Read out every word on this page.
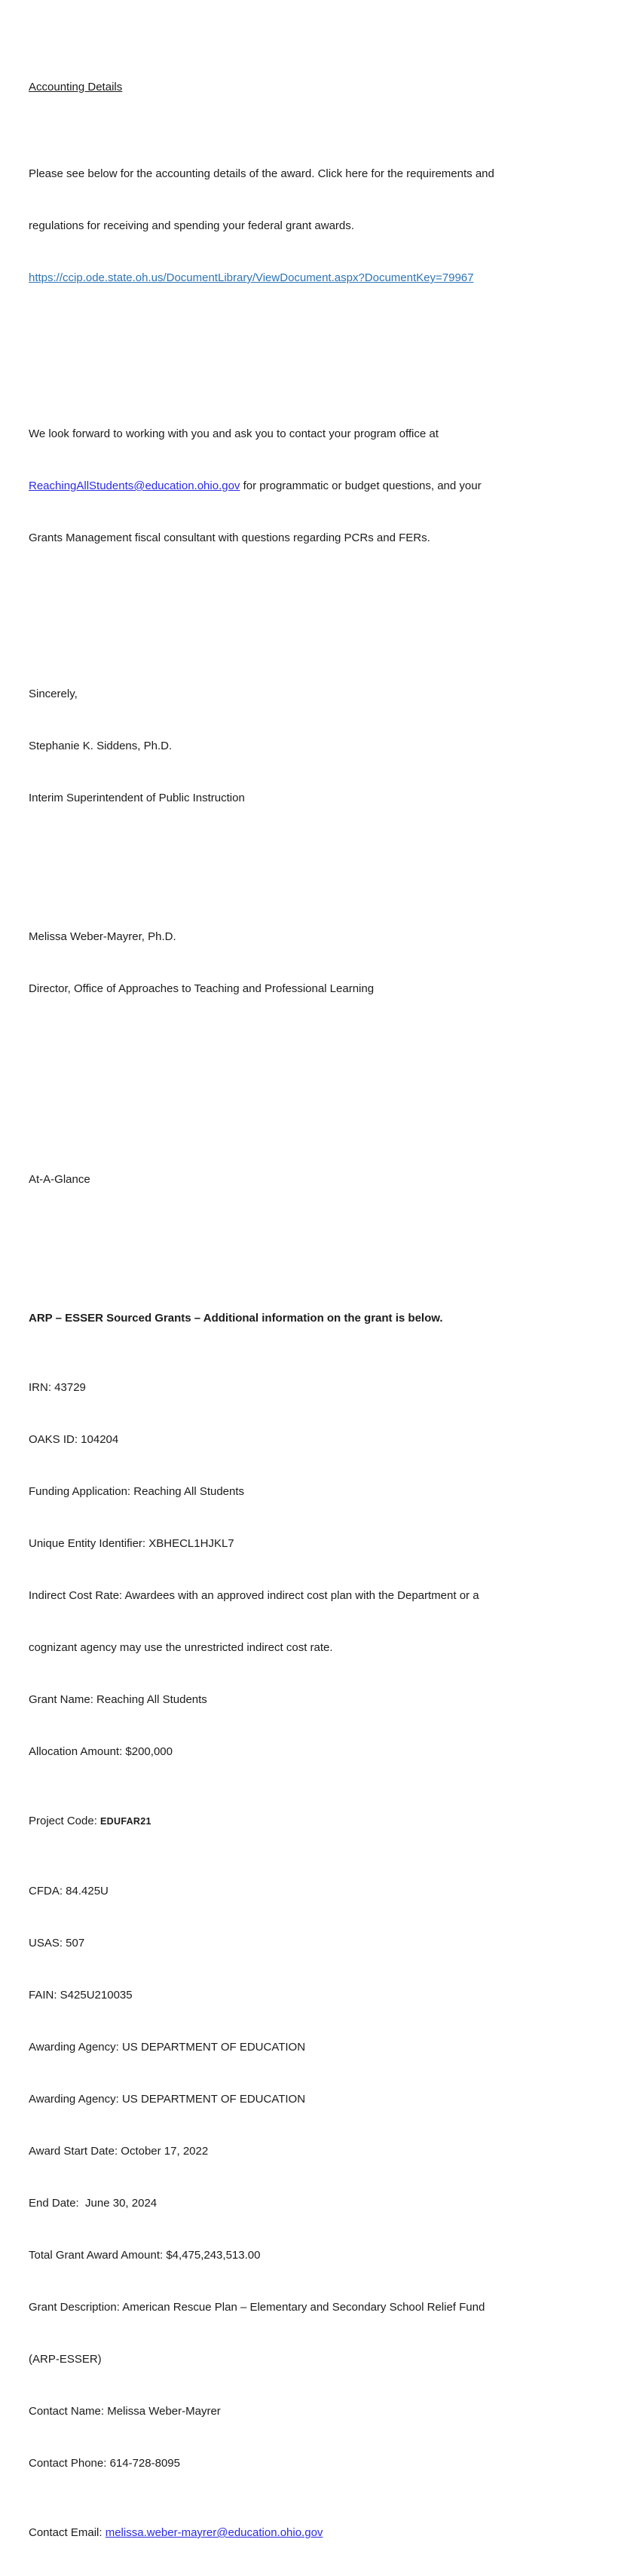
Accounting Details

Please see below for the accounting details of the award. Click here for the requirements and

regulations for receiving and spending your federal grant awards.

https://ccip.ode.state.oh.us/DocumentLibrary/ViewDocument.aspx?DocumentKey=79967

We look forward to working with you and ask you to contact your program office at

ReachingAllStudents@education.ohio.gov for programmatic or budget questions, and your

Grants Management fiscal consultant with questions regarding PCRs and FERs.

Sincerely,

Stephanie K. Siddens, Ph.D.

Interim Superintendent of Public Instruction

Melissa Weber-Mayrer, Ph.D.

Director, Office of Approaches to Teaching and Professional Learning

At-A-Glance

ARP – ESSER Sourced Grants – Additional information on the grant is below.

IRN: 43729

OAKS ID: 104204

Funding Application: Reaching All Students

Unique Entity Identifier: XBHECL1HJKL7

Indirect Cost Rate: Awardees with an approved indirect cost plan with the Department or a

cognizant agency may use the unrestricted indirect cost rate.

Grant Name: Reaching All Students

Allocation Amount: $200,000

Project Code: EDUFAR21

CFDA: 84.425U

USAS: 507

FAIN: S425U210035

Awarding Agency: US DEPARTMENT OF EDUCATION

Awarding Agency: US DEPARTMENT OF EDUCATION

Award Start Date: October 17, 2022

End Date:  June 30, 2024

Total Grant Award Amount: $4,475,243,513.00

Grant Description: American Rescue Plan – Elementary and Secondary School Relief Fund

(ARP-ESSER)

Contact Name: Melissa Weber-Mayrer

Contact Phone: 614-728-8095

Contact Email: melissa.weber-mayrer@education.ohio.gov
